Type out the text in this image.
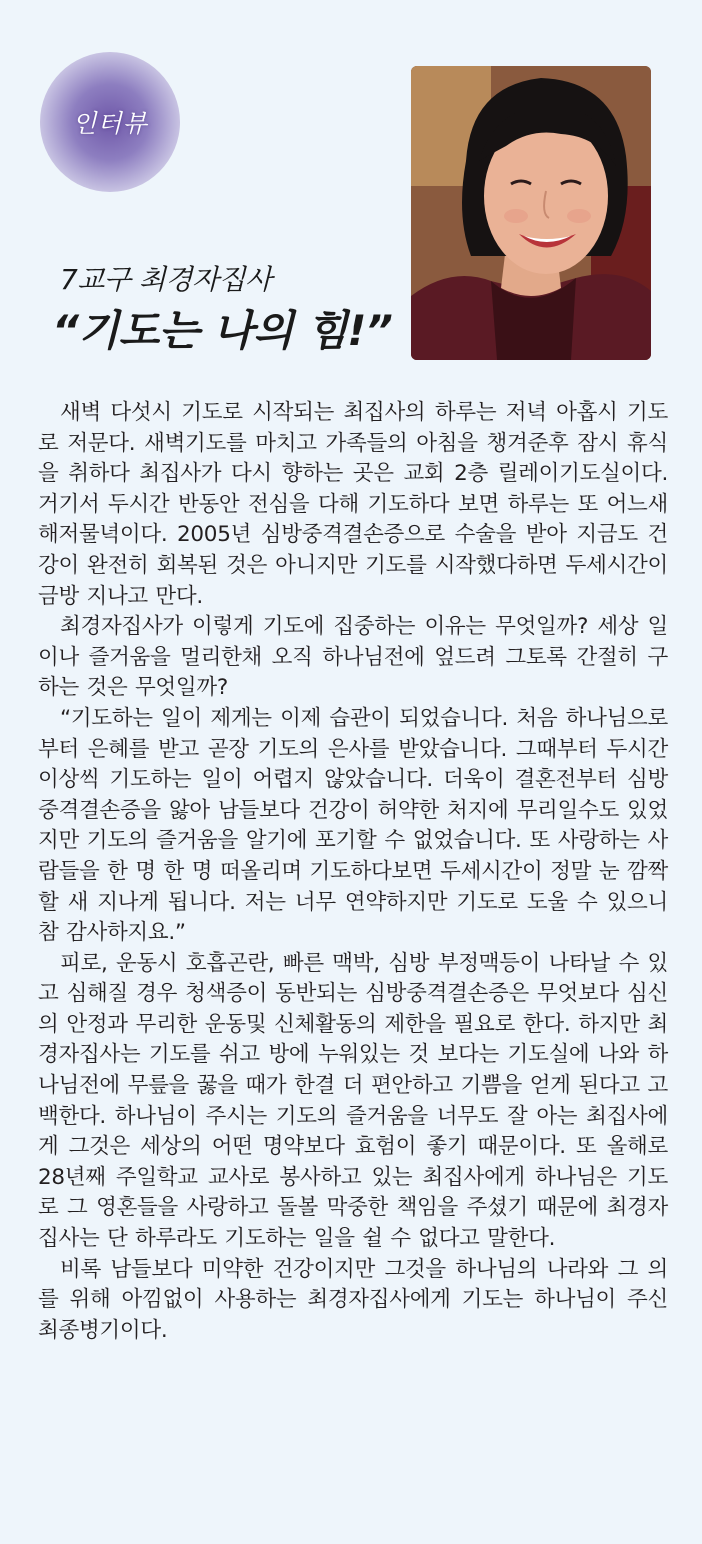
인터뷰
7교구 최경자집사
“기도는 나의 힘!”

새벽 다섯시 기도로 시작되는 최집사의 하루는 저녁 아홉시 기도로 저문다. 새벽기도를 마치고 가족들의 아침을 챙겨준후 잠시 휴식을 취하다 최집사가 다시 향하는 곳은 교회 2층 릴레이기도실이다. 거기서 두시간 반동안 전심을 다해 기도하다 보면 하루는 또 어느새 해저물녁이다. 2005년 심방중격결손증으로 수술을 받아 지금도 건강이 완전히 회복된 것은 아니지만 기도를 시작했다하면 두세시간이 금방 지나고 만다.

최경자집사가 이렇게 기도에 집중하는 이유는 무엇일까? 세상 일이나 즐거움을 멀리한채 오직 하나님전에 엎드려 그토록 간절히 구하는 것은 무엇일까?

“기도하는 일이 제게는 이제 습관이 되었습니다. 처음 하나님으로부터 은혜를 받고 곧장 기도의 은사를 받았습니다. 그때부터 두시간 이상씩 기도하는 일이 어렵지 않았습니다. 더욱이 결혼전부터 심방중격결손증을 앓아 남들보다 건강이 허약한 처지에 무리일수도 있었지만 기도의 즐거움을 알기에 포기할 수 없었습니다. 또 사랑하는 사람들을 한 명 한 명 떠올리며 기도하다보면 두세시간이 정말 눈 깜짝할 새 지나게 됩니다. 저는 너무 연약하지만 기도로 도울 수 있으니 참 감사하지요.”

피로, 운동시 호흡곤란, 빠른 맥박, 심방 부정맥등이 나타날 수 있고 심해질 경우 청색증이 동반되는 심방중격결손증은 무엇보다 심신의 안정과 무리한 운동및 신체활동의 제한을 필요로 한다. 하지만 최경자집사는 기도를 쉬고 방에 누워있는 것 보다는 기도실에 나와 하나님전에 무릎을 꿇을 때가 한결 더 편안하고 기쁨을 얻게 된다고 고백한다. 하나님이 주시는 기도의 즐거움을 너무도 잘 아는 최집사에게 그것은 세상의 어떤 명약보다 효험이 좋기 때문이다. 또 올해로 28년째 주일학교 교사로 봉사하고 있는 최집사에게 하나님은 기도로 그 영혼들을 사랑하고 돌볼 막중한 책임을 주셨기 때문에 최경자집사는 단 하루라도 기도하는 일을 쉴 수 없다고 말한다.

비록 남들보다 미약한 건강이지만 그것을 하나님의 나라와 그 의를 위해 아낌없이 사용하는 최경자집사에게 기도는 하나님이 주신 최종병기이다.
